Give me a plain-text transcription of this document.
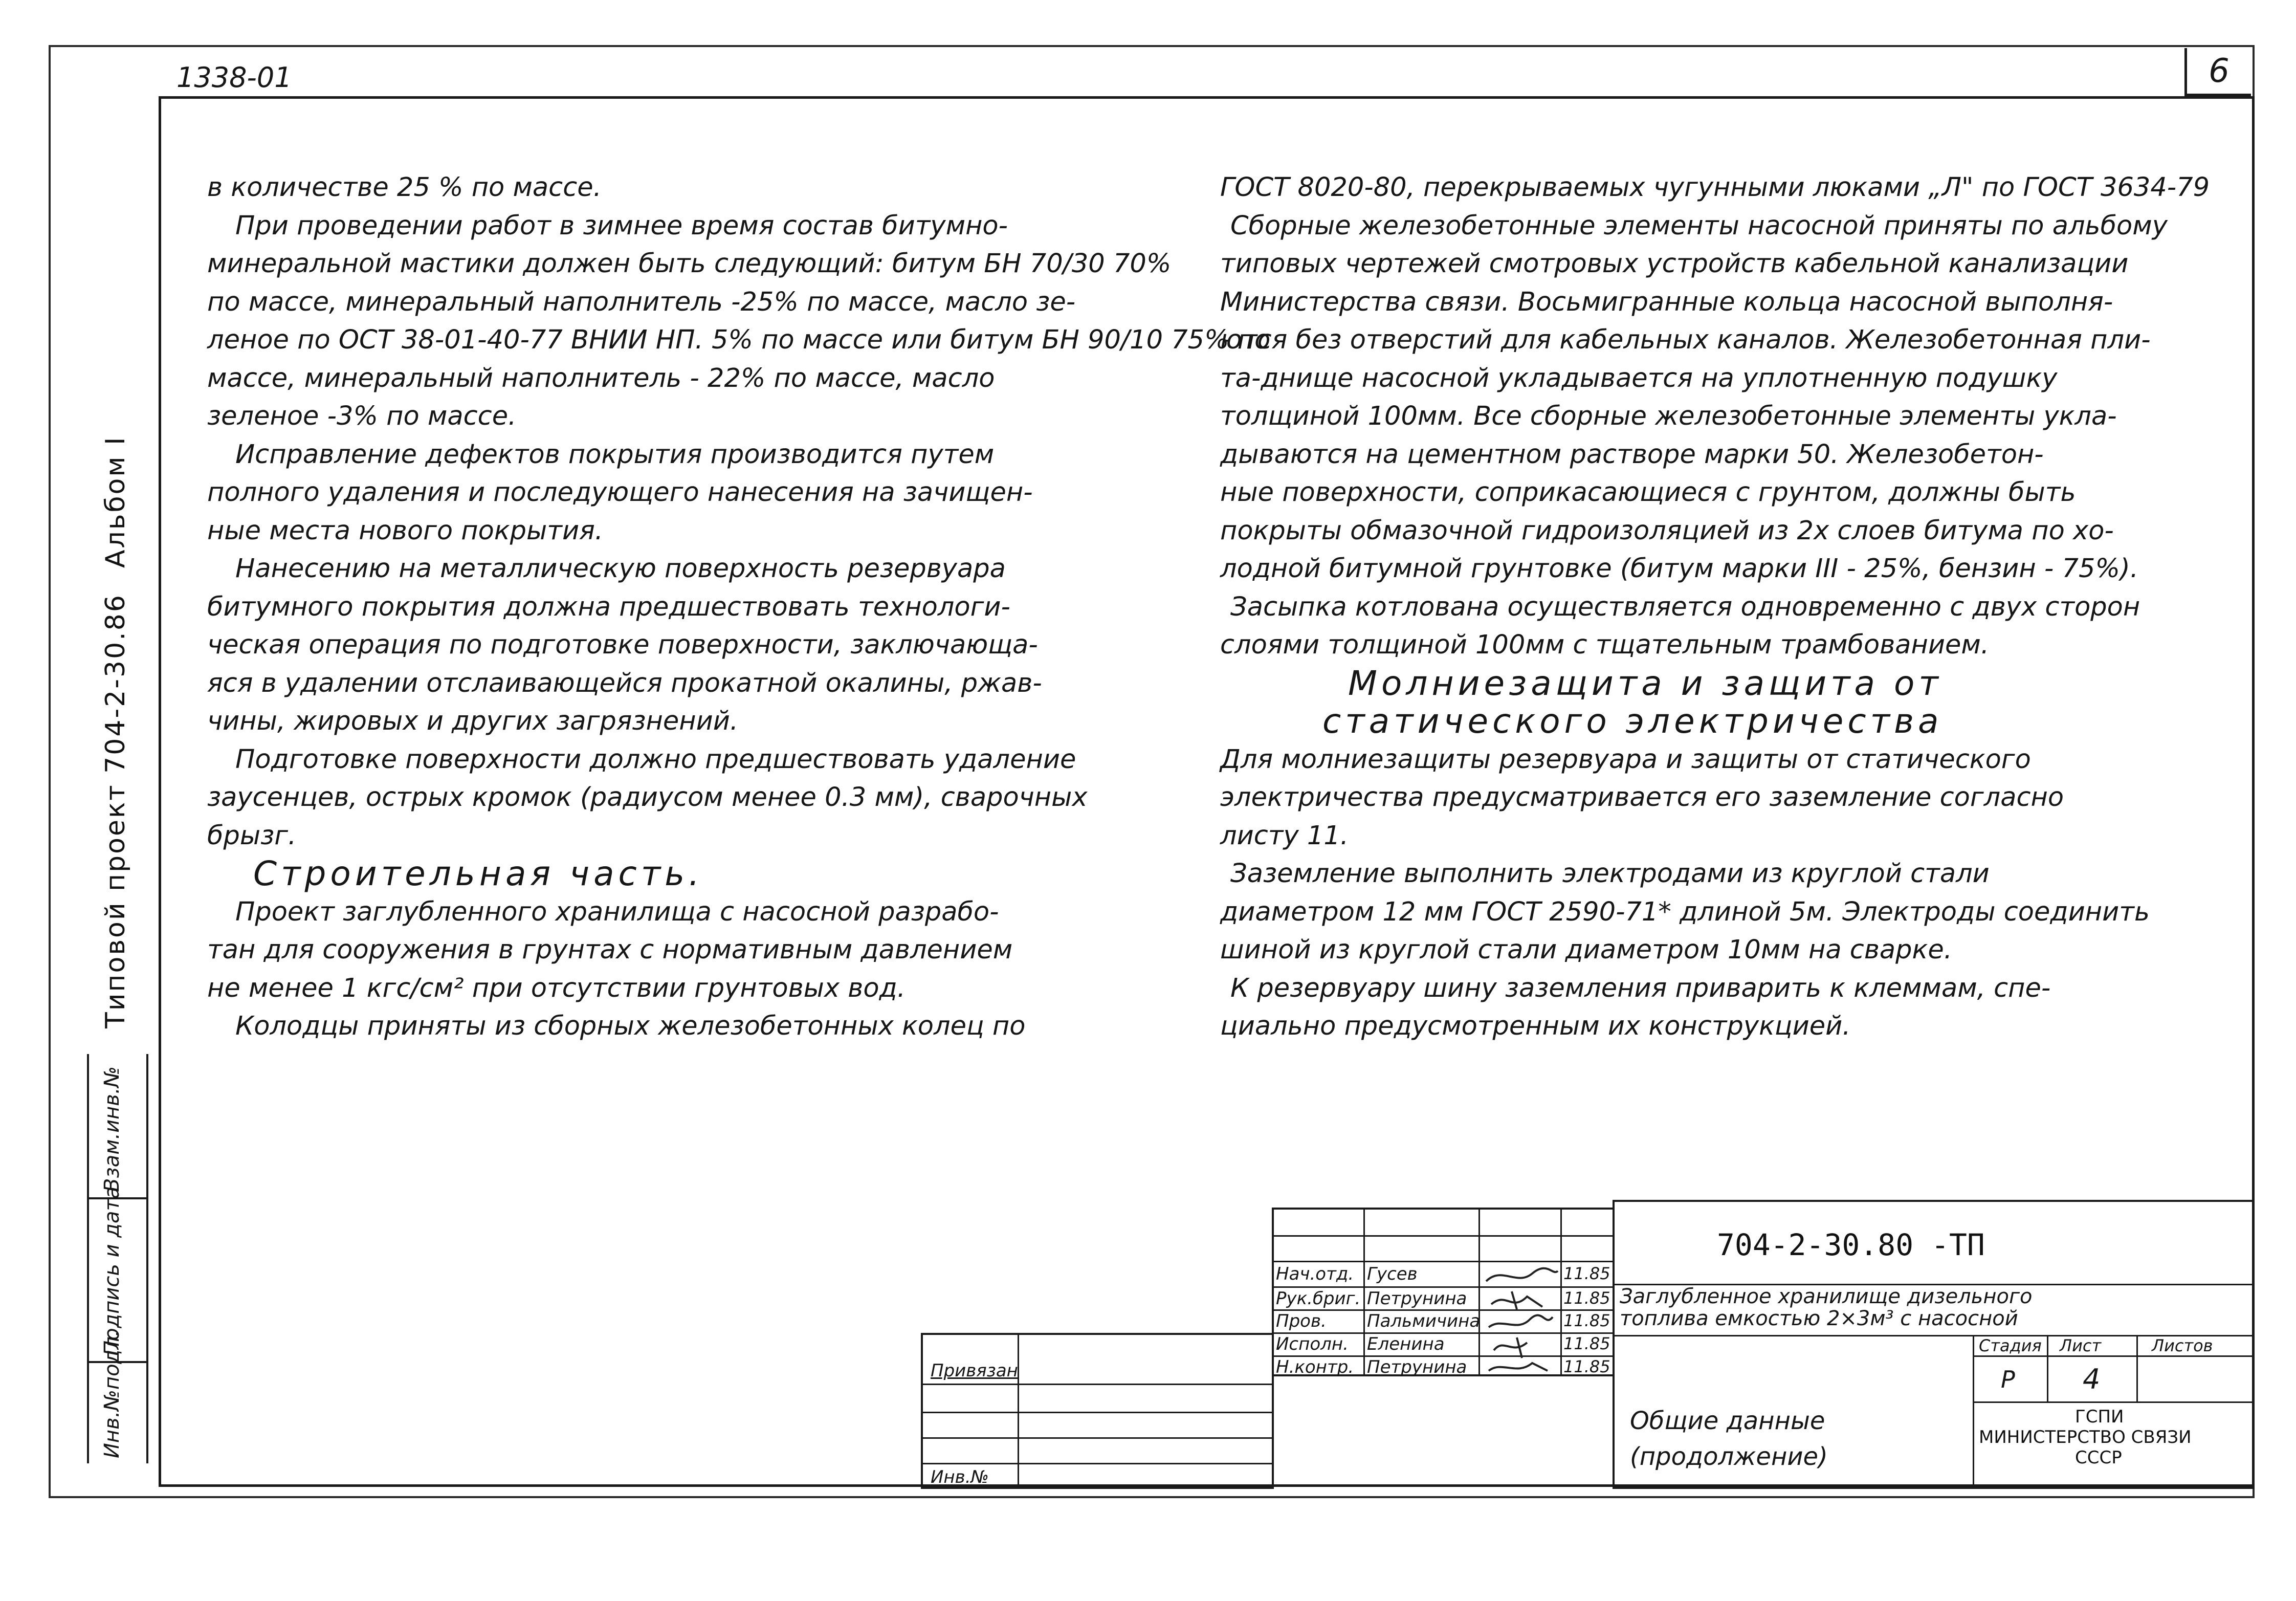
1338-01	6
Типовой проект 704-2-30.86
Альбом I
Инв.№подл.
Подпись и дата
Взам.инв.№

в количестве 25 % по массе.

При проведении работ в зимнее время состав битумно-

минеральной мастики должен быть следующий: битум БН 70/30 70%

по массе, минеральный наполнитель -25% по массе, масло зе-

леное по ОСТ 38-01-40-77 ВНИИ НП. 5% по массе или битум БН 90/10 75% по

массе, минеральный наполнитель - 22% по массе, масло

зеленое -3% по массе.

Исправление дефектов покрытия производится путем

полного удаления и последующего нанесения на зачищен-

ные места нового покрытия.

Нанесению на металлическую поверхность резервуара

битумного покрытия должна предшествовать технологи-

ческая операция по подготовке поверхности, заключающа-

яся в удалении отслаивающейся прокатной окалины, ржав-

чины, жировых и других загрязнений.

Подготовке поверхности должно предшествовать удаление

заусенцев, острых кромок (радиусом менее 0.3 мм), сварочных

брызг.

Строительная часть.

Проект заглубленного хранилища с насосной разрабо-

тан для сооружения в грунтах с нормативным давлением

не менее 1 кгс/см² при отсутствии грунтовых вод.

Колодцы приняты из сборных железобетонных колец по

ГОСТ 8020-80, перекрываемых чугунными люками „Л" по ГОСТ 3634-79

Сборные железобетонные элементы насосной приняты по альбому

типовых чертежей смотровых устройств кабельной канализации

Министерства связи. Восьмигранные кольца насосной выполня-

ются без отверстий для кабельных каналов. Железобетонная пли-

та-днище насосной укладывается на уплотненную подушку

толщиной 100мм. Все сборные железобетонные элементы укла-

дываются на цементном растворе марки 50. Железобетон-

ные поверхности, соприкасающиеся с грунтом, должны быть

покрыты обмазочной гидроизоляцией из 2х слоев битума по хо-

лодной битумной грунтовке (битум марки III - 25%, бензин - 75%).

Засыпка котлована осуществляется одновременно с двух сторон

слоями толщиной 100мм с тщательным трамбованием.

Молниезащита и защита от

статического электричества

Для молниезащиты резервуара и защиты от статического

электричества предусматривается его заземление согласно

листу 11.

Заземление выполнить электродами из круглой стали

диаметром 12 мм ГОСТ 2590-71* длиной 5м. Электроды соединить

шиной из круглой стали диаметром 10мм на сварке.

К резервуару шину заземления приварить к клеммам, спе-

циально предусмотренным их конструкцией.

Привязан
Инв.№
Нач.отд.
Рук.бриг.
Пров.
Испoлн.
Н.контр.
Гусев
Петрунина
Пальмичина
Еленина
Петрунина
11.85
11.85
11.85
11.85
11.85
704-2-30.80 -ТП
Заглубленное хранилище дизельного
топлива емкостью 2×3м³ с насосной
Стадия Лист	Листов
Р 4
Общие данные
(продолжение)
ГСПИ
МИНИСТЕРСТВО СВЯЗИ
СССР
